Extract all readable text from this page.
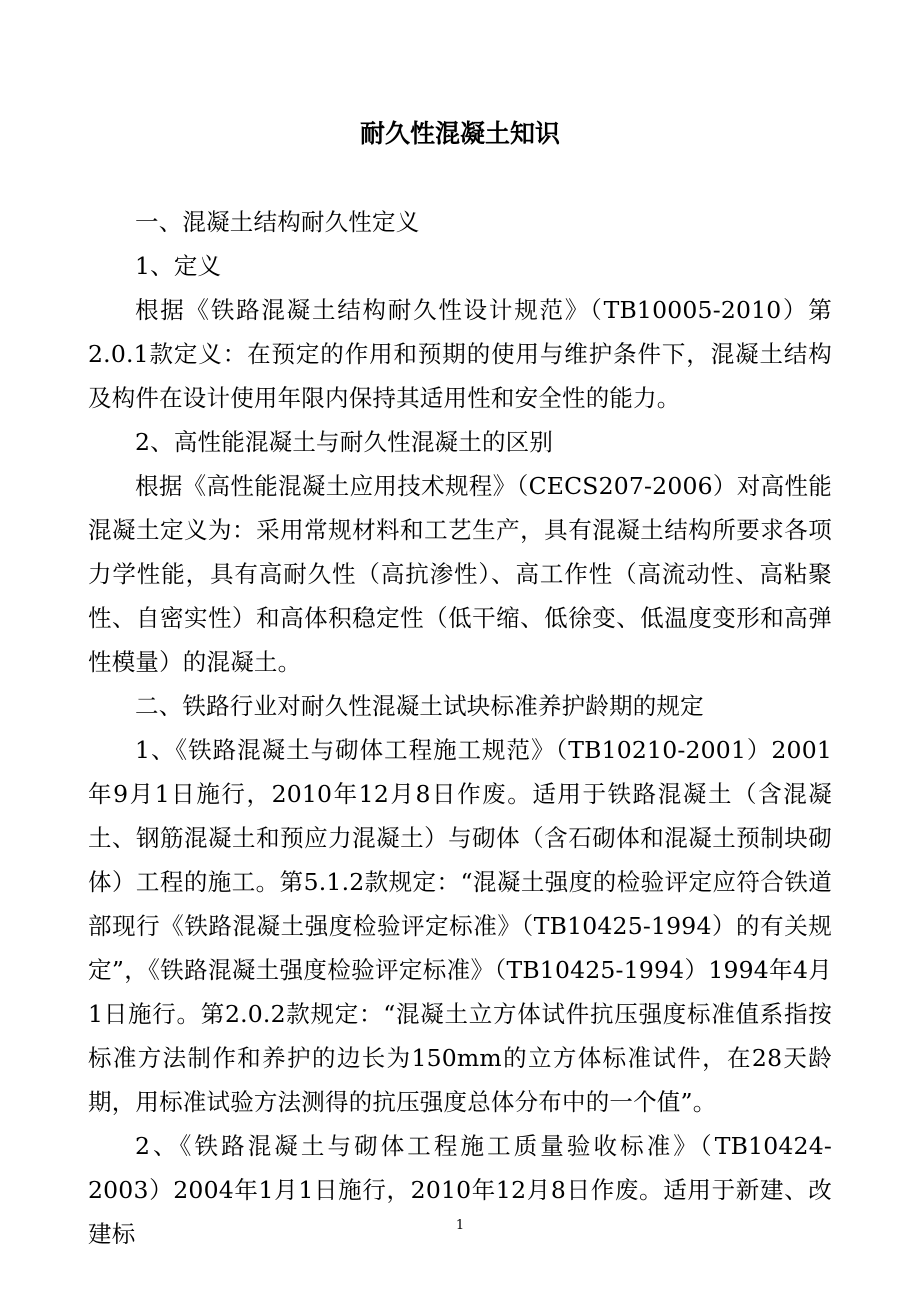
耐久性混凝土知识

一、混凝土结构耐久性定义

1、定义

根据《铁路混凝土结构耐久性设计规范》（TB10005-2010）第2.0.1款定义：在预定的作用和预期的使用与维护条件下，混凝土结构及构件在设计使用年限内保持其适用性和安全性的能力。

2、高性能混凝土与耐久性混凝土的区别

根据《高性能混凝土应用技术规程》（CECS207-2006）对高性能混凝土定义为：采用常规材料和工艺生产，具有混凝土结构所要求各项力学性能，具有高耐久性（高抗渗性）、高工作性（高流动性、高粘聚性、自密实性）和高体积稳定性（低干缩、低徐变、低温度变形和高弹性模量）的混凝土。

二、铁路行业对耐久性混凝土试块标准养护龄期的规定

1、《铁路混凝土与砌体工程施工规范》（TB10210-2001）2001年9月1日施行，2010年12月8日作废。适用于铁路混凝土（含混凝土、钢筋混凝土和预应力混凝土）与砌体（含石砌体和混凝土预制块砌体）工程的施工。第5.1.2款规定：“混凝土强度的检验评定应符合铁道部现行《铁路混凝土强度检验评定标准》（TB10425-1994）的有关规定”，《铁路混凝土强度检验评定标准》（TB10425-1994）1994年4月1日施行。第2.0.2款规定：“混凝土立方体试件抗压强度标准值系指按标准方法制作和养护的边长为150mm的立方体标准试件，在28天龄期，用标准试验方法测得的抗压强度总体分布中的一个值”。

2、《铁路混凝土与砌体工程施工质量验收标准》（TB10424-2003）2004年1月1日施行，2010年12月8日作废。适用于新建、改建标	1
